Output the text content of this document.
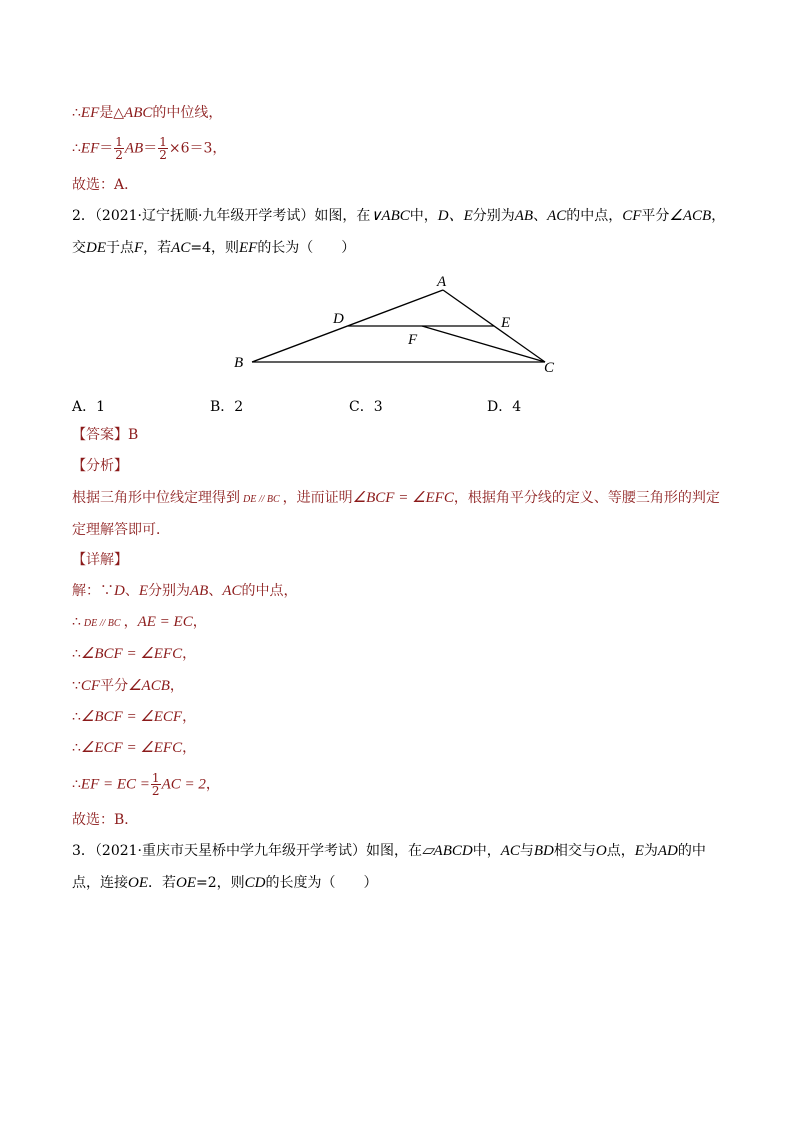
∴EF是△ABC的中位线，
∴EF＝ $\frac{1}{2} AB= \frac{1}{2} \times 6=3$，
故选：A．
2．（2021·辽宁抚顺·九年级开学考试）如图，在∨ABC中，D、E分别为AB、AC的中点，CF平分∠ACB，
交DE于点F，若AC=4，则EF的长为（　　）
A
B	C
D	E
F
A．1	B．2	C．3	D．4
【答案】B
【分析】
根据三角形中位线定理得到 DE // BC ，进而证明∠BCF = ∠EFC，根据角平分线的定义、等腰三角形的判定
定理解答即可．
【详解】
解：∵D、E分别为AB、AC的中点，
∴ DE // BC ，AE = EC，
∴∠BCF = ∠EFC，
∵CF平分∠ACB，
∴∠BCF = ∠ECF，
∴∠ECF = ∠EFC，
∴EF = EC = $\frac{1}{2}$ AC = 2，
故选：B．
3．（2021·重庆市天星桥中学九年级开学考试）如图，在▱ABCD中，AC与BD相交与O点，E为AD的中
点，连接OE．若OE=2，则CD的长度为（　　）
